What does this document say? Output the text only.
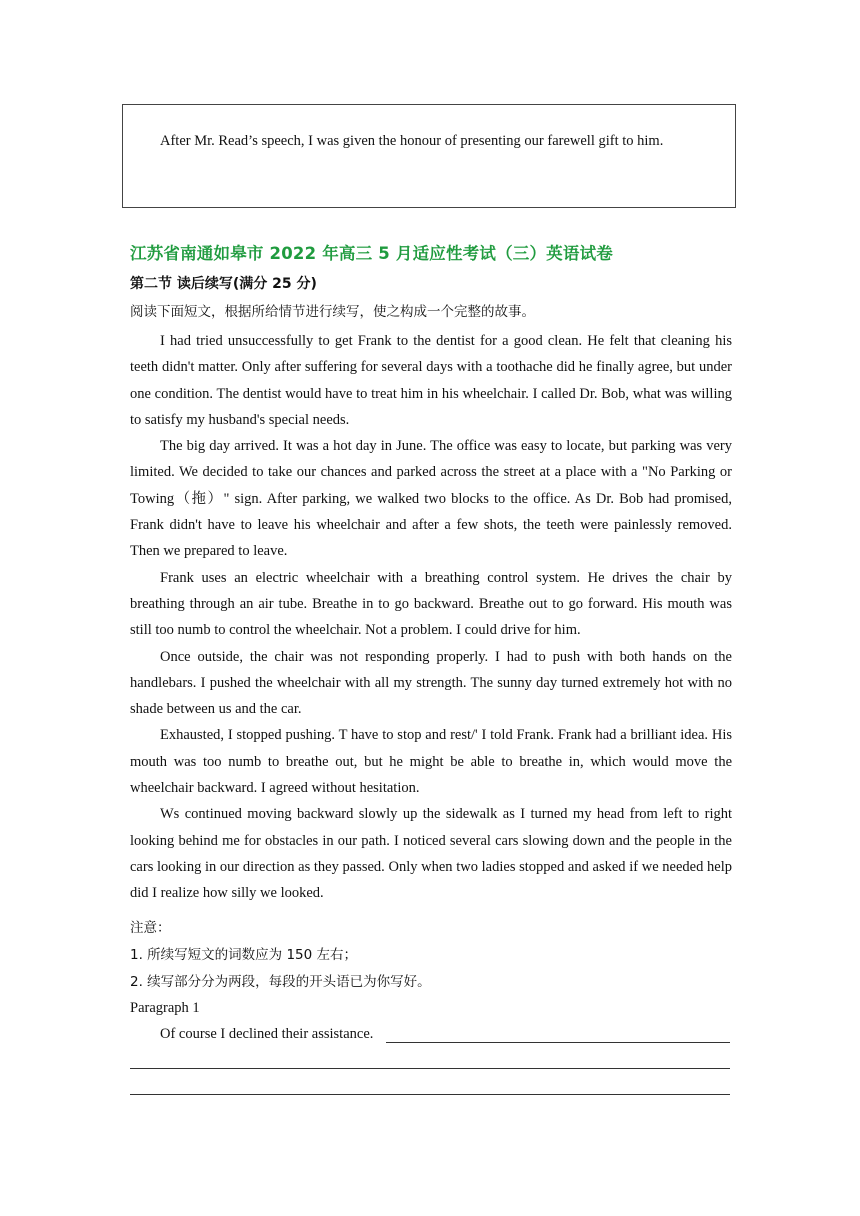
After Mr. Read’s speech, I was given the honour of presenting our farewell gift to him.
江苏省南通如皋市 2022 年高三 5 月适应性考试（三）英语试卷
第二节 读后续写(满分 25 分)
阅读下面短文，根据所给情节进行续写，使之构成一个完整的故事。

I had tried unsuccessfully to get Frank to the dentist for a good clean. He felt that cleaning his teeth didn't matter. Only after suffering for several days with a toothache did he finally agree, but under one condition. The dentist would have to treat him in his wheelchair. I called Dr. Bob, what was willing to satisfy my husband's special needs.

The big day arrived. It was a hot day in June. The office was easy to locate, but parking was very limited. We decided to take our chances and parked across the street at a place with a "No Parking or Towing（拖）" sign. After parking, we walked two blocks to the office. As Dr. Bob had promised, Frank didn't have to leave his wheelchair and after a few shots, the teeth were painlessly removed. Then we prepared to leave.

Frank uses an electric wheelchair with a breathing control system. He drives the chair by breathing through an air tube. Breathe in to go backward. Breathe out to go forward. His mouth was still too numb to control the wheelchair. Not a problem. I could drive for him.

Once outside, the chair was not responding properly. I had to push with both hands on the handlebars. I pushed the wheelchair with all my strength. The sunny day turned extremely hot with no shade between us and the car.

Exhausted, I stopped pushing. T have to stop and rest/' I told Frank. Frank had a brilliant idea. His mouth was too numb to breathe out, but he might be able to breathe in, which would move the wheelchair backward. I agreed without hesitation.

Ws continued moving backward slowly up the sidewalk as I turned my head from left to right looking behind me for obstacles in our path. I noticed several cars slowing down and the people in the cars looking in our direction as they passed. Only when two ladies stopped and asked if we needed help did I realize how silly we looked.

注意：
1. 所续写短文的词数应为 150 左右；
2. 续写部分分为两段，每段的开头语已为你写好。
Paragraph 1
Of course I declined their assistance.
